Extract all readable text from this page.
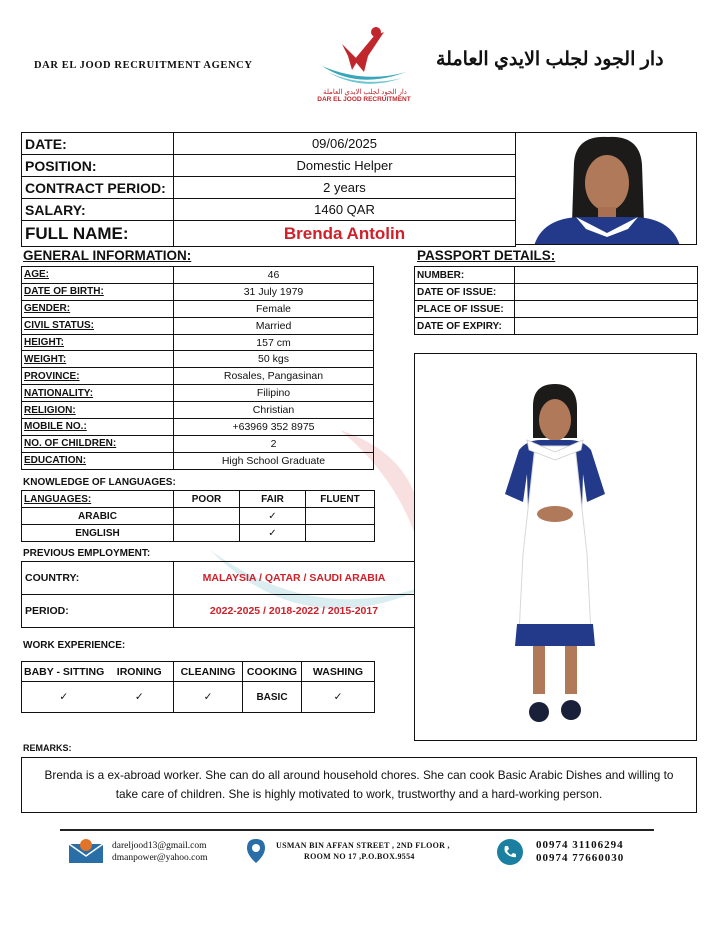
DAR EL JOOD RECRUITMENT AGENCY
دار الجود لجلب الايدي العاملة
DAR EL JOOD RECRUITMENT
دار الجود لجلب الايدي العاملة
DATE:	09/06/2025
POSITION:	Domestic Helper
CONTRACT PERIOD:	2 years
SALARY:	1460 QAR
FULL NAME:	Brenda Antolin
GENERAL INFORMATION:	PASSPORT DETAILS:
AGE:	46
DATE OF BIRTH:	31 July 1979
GENDER:	Female
CIVIL STATUS:	Married
HEIGHT:	157 cm
WEIGHT:	50 kgs
PROVINCE:	Rosales, Pangasinan
NATIONALITY:	Filipino
RELIGION:	Christian
MOBILE NO.:	+63969 352 8975
NO. OF CHILDREN:	2
EDUCATION:	High School Graduate
NUMBER:	
DATE OF ISSUE:	
PLACE OF ISSUE:	
DATE OF EXPIRY:	
KNOWLEDGE OF LANGUAGES:
LANGUAGES:	POOR	FAIR	FLUENT
ARABIC		✓	
ENGLISH		✓	
PREVIOUS EMPLOYMENT:
COUNTRY:	MALAYSIA / QATAR / SAUDI ARABIA
PERIOD:	2022-2025 / 2018-2022 / 2015-2017
WORK EXPERIENCE:
BABY - SITTING	IRONING	CLEANING	COOKING	WASHING
✓	✓	✓	BASIC	✓
REMARKS:
Brenda is a ex-abroad worker. She can do all around household chores. She can cook Basic Arabic Dishes and willing to take care of children. She is highly motivated to work, trustworthy and a hard-working person.
dareljood13@gmail.com
dmanpower@yahoo.com
USMAN BIN AFFAN STREET , 2ND FLOOR ,
ROOM NO 17 ,P.O.BOX.9554
00974 31106294
00974 77660030
